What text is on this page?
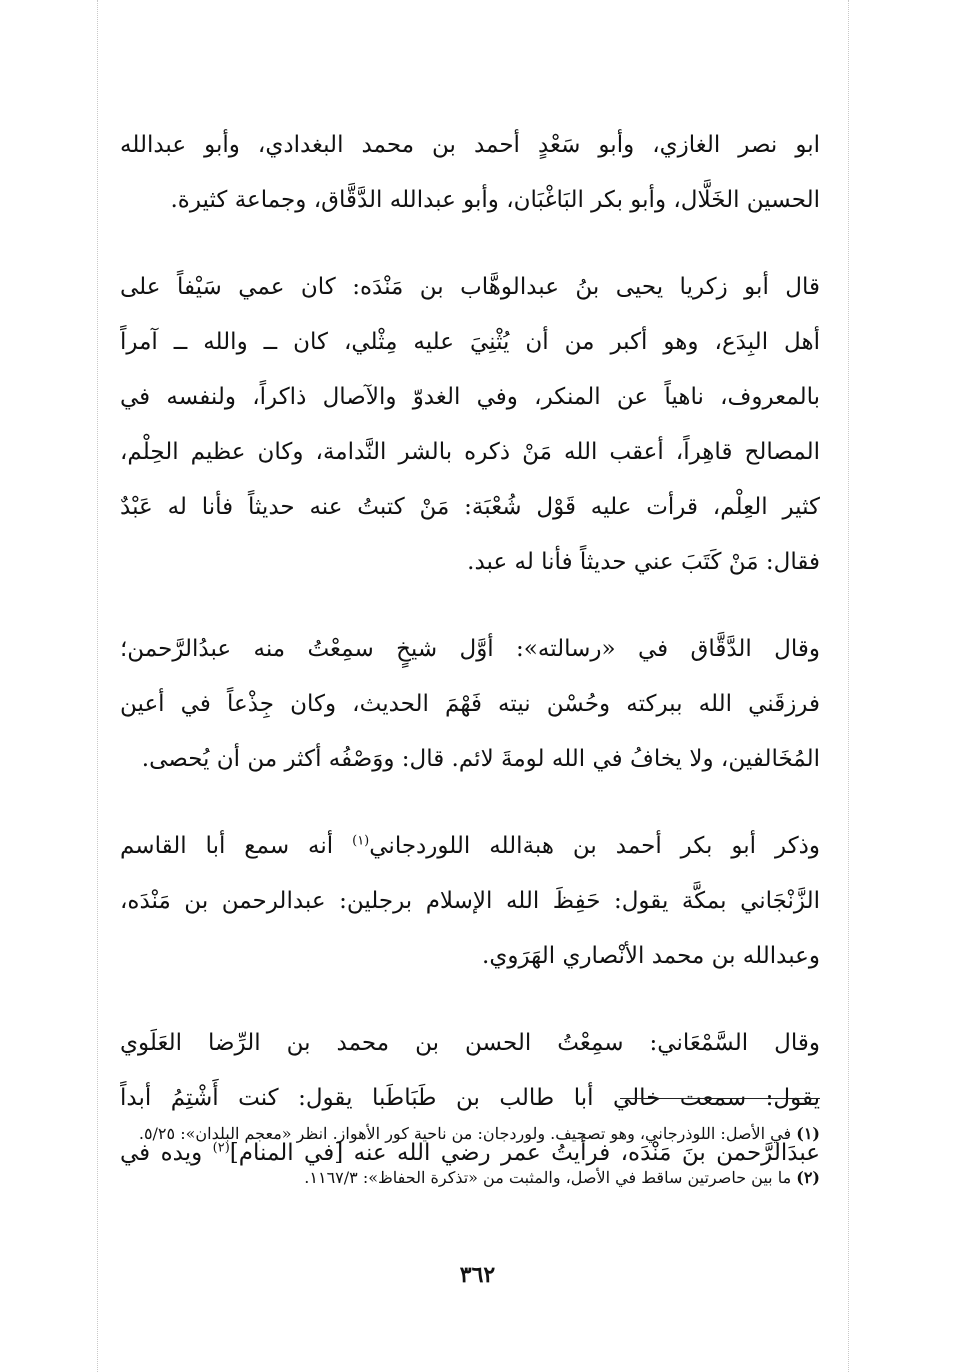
ابو نصر الغازي، وأبو سَعْدٍ أحمد بن محمد البغدادي، وأبو عبدالله
الحسين الخَلَّال، وأبو بكر البَاغْبَان، وأبو عبدالله الدَّقَّاق، وجماعة كثيرة.

قال أبو زكريا يحيى بنُ عبدالوهَّاب بن مَنْدَه: كان عمي سَيْفاً على
أهل البِدَع، وهو أكبر من أن يُثْنِيَ عليه مِثْلي، كان ــ والله ــ آمراً
بالمعروف، ناهياً عن المنكر، وفي الغدوّ والآصال ذاكراً، ولنفسه في
المصالح قاهِراً، أعقب الله مَنْ ذكره بالشر النَّدامة، وكان عظيم الحِلْم،
كثير العِلْم، قرأت عليه قَوْل شُعْبَة: مَنْ كتبتُ عنه حديثاً فأنا له عَبْدٌ
فقال: مَنْ كَتَبَ عني حديثاً فأنا له عبد.

وقال الدَّقَّاق في «رسالته»: أوَّل شيخٍ سمِعْتُ منه عبدُالرَّحمن؛
فرزقَني الله ببركته وحُسْن نيته فَهْمَ الحديث، وكان جِذْعاً في أعين
المُخَالفين، ولا يخافُ في الله لومةَ لائم. قال: ووَصْفُه أكثر من أن يُحصى.

وذكر أبو بكر أحمد بن هبةالله اللوردجاني$^{(١)}$ أنه سمع أبا القاسم
الزَّنْجَاني بمكَّة يقول: حَفِظَ الله الإسلام برجلين: عبدالرحمن بن مَنْدَه،
وعبدالله بن محمد الأنْصاري الهَرَوي.

وقال السَّمْعَاني: سمِعْتُ الحسن بن محمد بن الرِّضا العَلَوي
يقول: سمعت خالي أبا طالب بن طَبَاطَبا يقول: كنت أَشْتِمُ أبداً
عبدَالرَّحمن بنَ مَنْدَه، فرأيتُ عمر رضي الله عنه [في المنام]$^{(٢)}$ ويده في

(١) في الأصل: اللوذرجاني، وهو تصحيف. ولوردجان: من ناحية كور الأهواز. انظر «معجم البلدان»: ٥/٢٥.

(٢) ما بين حاصرتين ساقط في الأصل، والمثبت من «تذكرة الحفاظ»: ١١٦٧/٣.

٣٦٢
